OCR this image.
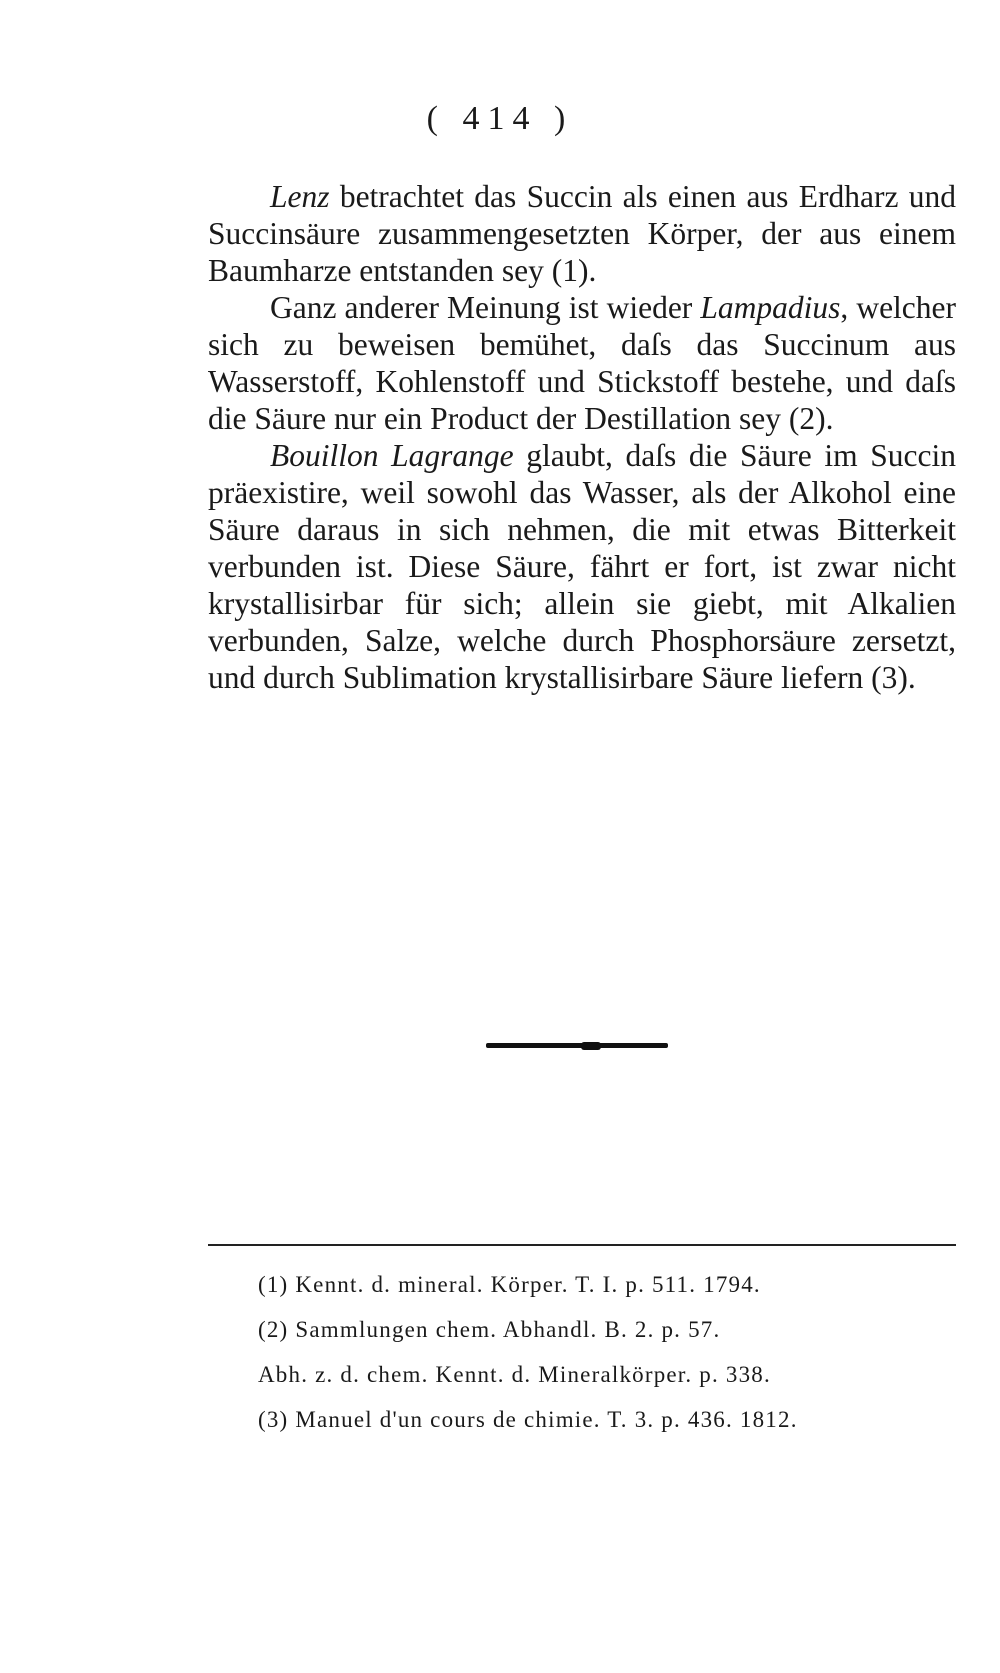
( 414 )

Lenz betrachtet das Succin als einen aus Erdharz und Succinsäure zusammengesetzten Körper, der aus einem Baumharze entstanden sey (1).

Ganz anderer Meinung ist wieder Lampadius, welcher sich zu beweisen bemühet, daſs das Succinum aus Wasserstoff, Kohlenstoff und Stickstoff bestehe, und daſs die Säure nur ein Product der Destillation sey (2).

Bouillon Lagrange glaubt, daſs die Säure im Succin präexistire, weil sowohl das Wasser, als der Alkohol eine Säure daraus in sich nehmen, die mit etwas Bitterkeit verbunden ist. Diese Säure, fährt er fort, ist zwar nicht krystallisirbar für sich; allein sie giebt, mit Alkalien verbunden, Salze, welche durch Phosphorsäure zersetzt, und durch Sublimation krystallisirbare Säure liefern (3).

(1) Kennt. d. mineral. Körper. T. I. p. 511. 1794.
(2) Sammlungen chem. Abhandl. B. 2. p. 57.
Abh. z. d. chem. Kennt. d. Mineralkörper. p. 338.
(3) Manuel d'un cours de chimie. T. 3. p. 436. 1812.
